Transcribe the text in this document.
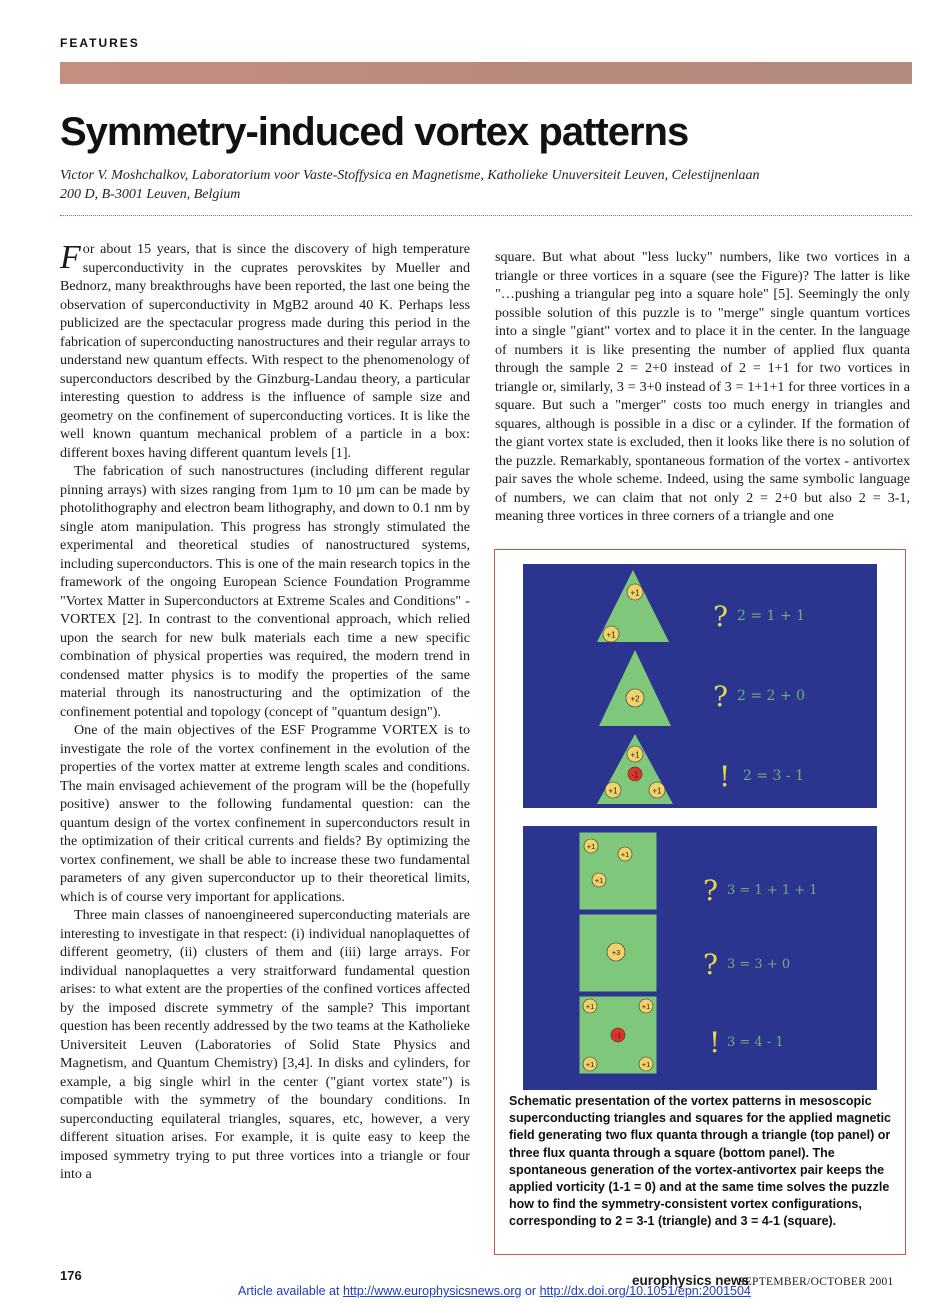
FEATURES
Symmetry-induced vortex patterns
Victor V. Moshchalkov, Laboratorium voor Vaste-Stoffysica en Magnetisme, Katholieke Unuversiteit Leuven, Celestijnenlaan 200 D, B-3001 Leuven, Belgium

For about 15 years, that is since the discovery of high temperature superconductivity in the cuprates perovskites by Mueller and Bednorz, many breakthroughs have been reported, the last one being the observation of superconductivity in MgB2 around 40 K. Perhaps less publicized are the spectacular progress made during this period in the fabrication of superconducting nanostructures and their regular arrays to understand new quantum effects. With respect to the phenomenology of superconductors described by the Ginzburg-Landau theory, a particular interesting question to address is the influence of sample size and geometry on the confinement of superconducting vortices. It is like the well known quantum mechanical problem of a particle in a box: different boxes having different quantum levels [1].

The fabrication of such nanostructures (including different regular pinning arrays) with sizes ranging from 1µm to 10 µm can be made by photolithography and electron beam lithography, and down to 0.1 nm by single atom manipulation. This progress has strongly stimulated the experimental and theoretical studies of nanostructured systems, including superconductors. This is one of the main research topics in the framework of the ongoing European Science Foundation Programme "Vortex Matter in Superconductors at Extreme Scales and Conditions" -VORTEX [2]. In contrast to the conventional approach, which relied upon the search for new bulk materials each time a new specific combination of physical properties was required, the modern trend in condensed matter physics is to modify the properties of the same material through its nanostructuring and the optimization of the confinement potential and topology (concept of "quantum design").

One of the main objectives of the ESF Programme VORTEX is to investigate the role of the vortex confinement in the evolution of the properties of the vortex matter at extreme length scales and conditions. The main envisaged achievement of the program will be the (hopefully positive) answer to the following fundamental question: can the quantum design of the vortex confinement in superconductors result in the optimization of their critical currents and fields? By optimizing the vortex confinement, we shall be able to increase these two fundamental parameters of any given superconductor up to their theoretical limits, which is of course very important for applications.

Three main classes of nanoengineered superconducting materials are interesting to investigate in that respect: (i) individual nanoplaquettes of different geometry, (ii) clusters of them and (iii) large arrays. For individual nanoplaquettes a very straitforward fundamental question arises: to what extent are the properties of the confined vortices affected by the imposed discrete symmetry of the sample? This important question has been recently addressed by the two teams at the Katholieke Universiteit Leuven (Laboratories of Solid State Physics and Magnetism, and Quantum Chemistry) [3,4]. In disks and cylinders, for example, a big single whirl in the center ("giant vortex state") is compatible with the symmetry of the boundary conditions. In superconducting equilateral triangles, squares, etc, however, a very different situation arises. For example, it is quite easy to keep the imposed symmetry trying to put three vortices into a triangle or four into a

square. But what about "less lucky" numbers, like two vortices in a triangle or three vortices in a square (see the Figure)? The latter is like "…pushing a triangular peg into a square hole" [5]. Seemingly the only possible solution of this puzzle is to "merge" single quantum vortices into a single "giant" vortex and to place it in the center. In the language of numbers it is like presenting the number of applied flux quanta through the sample 2 = 2+0 instead of 2 = 1+1 for two vortices in triangle or, similarly, 3 = 3+0 instead of 3 = 1+1+1 for three vortices in a square. But such a "merger" costs too much energy in triangles and squares, although is possible in a disc or a cylinder. If the formation of the giant vortex state is excluded, then it looks like there is no solution of the puzzle. Remarkably, spontaneous formation of the vortex - antivortex pair saves the whole scheme. Indeed, using the same symbolic language of numbers, we can claim that not only 2 = 2+0 but also 2 = 3-1, meaning three vortices in three corners of a triangle and one

+1
+1
? 2 = 1 + 1
+2	? 2 = 2 + 0
+1
+1	+1
-1	! 2 = 3 - 1
+1
+1
+1	? 3 = 1 + 1 + 1
+3	? 3 = 3 + 0
+1	+1
+1	+1
-1	! 3 = 4 - 1
Schematic presentation of the vortex patterns in mesoscopic superconducting triangles and squares for the applied magnetic field generating two flux quanta through a triangle (top panel) or three flux quanta through a square (bottom panel). The spontaneous generation of the vortex-antivortex pair keeps the applied vorticity (1-1 = 0) and at the same time solves the puzzle how to find the symmetry-consistent vortex configurations, corresponding to 2 = 3-1 (triangle) and 3 = 4-1 (square).
176	europhysics news
SEPTEMBER/OCTOBER 2001
Article available at http://www.europhysicsnews.org or http://dx.doi.org/10.1051/epn:2001504
